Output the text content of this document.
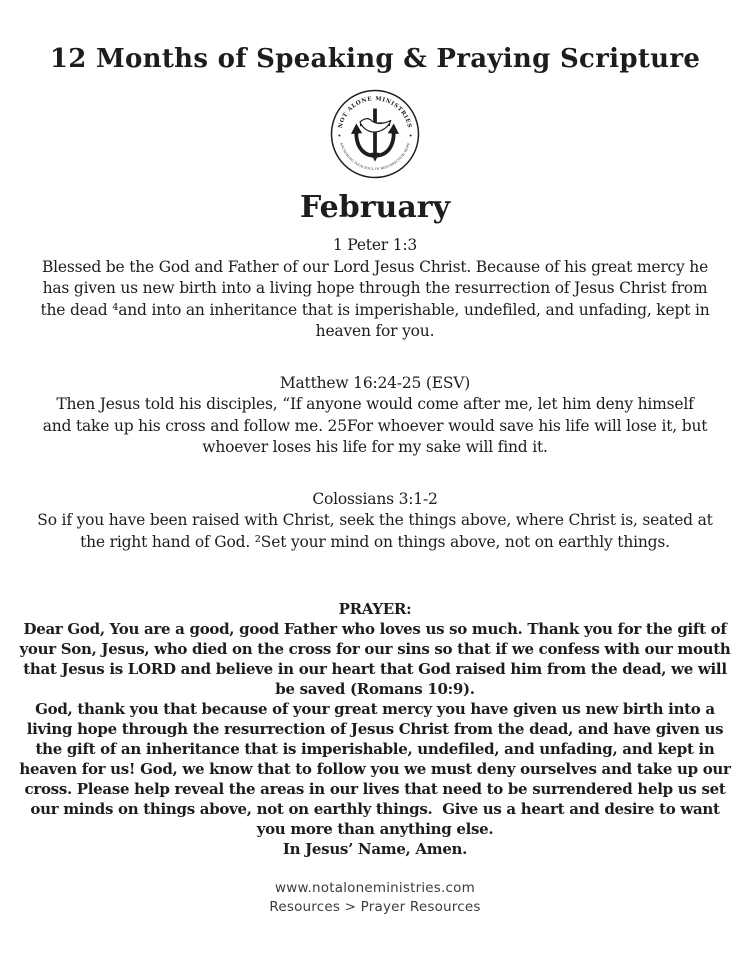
12 Months of Speaking & Praying Scripture
NOT ALONE MINISTRIES
ANCHORING YOUR SOUL IN RESURRECTION HOPE
February
1 Peter 1:3
Blessed be the God and Father of our Lord Jesus Christ. Because of his great mercy he
has given us new birth into a living hope through the resurrection of Jesus Christ from
the dead ⁴and into an inheritance that is imperishable, undefiled, and unfading, kept in
heaven for you.
Matthew 16:24-25 (ESV)
Then Jesus told his disciples, “If anyone would come after me, let him deny himself
and take up his cross and follow me. 25For whoever would save his life will lose it, but
whoever loses his life for my sake will find it.
Colossians 3:1-2
So if you have been raised with Christ, seek the things above, where Christ is, seated at
the right hand of God. ²Set your mind on things above, not on earthly things.
PRAYER:
Dear God, You are a good, good Father who loves us so much. Thank you for the gift of
your Son, Jesus, who died on the cross for our sins so that if we confess with our mouth
that Jesus is LORD and believe in our heart that God raised him from the dead, we will
be saved (Romans 10:9).
God, thank you that because of your great mercy you have given us new birth into a
living hope through the resurrection of Jesus Christ from the dead, and have given us
the gift of an inheritance that is imperishable, undefiled, and unfading, and kept in
heaven for us! God, we know that to follow you we must deny ourselves and take up our
cross. Please help reveal the areas in our lives that need to be surrendered help us set
our minds on things above, not on earthly things.  Give us a heart and desire to want
you more than anything else.
In Jesus’ Name, Amen.
www.notaloneministries.com
Resources > Prayer Resources
